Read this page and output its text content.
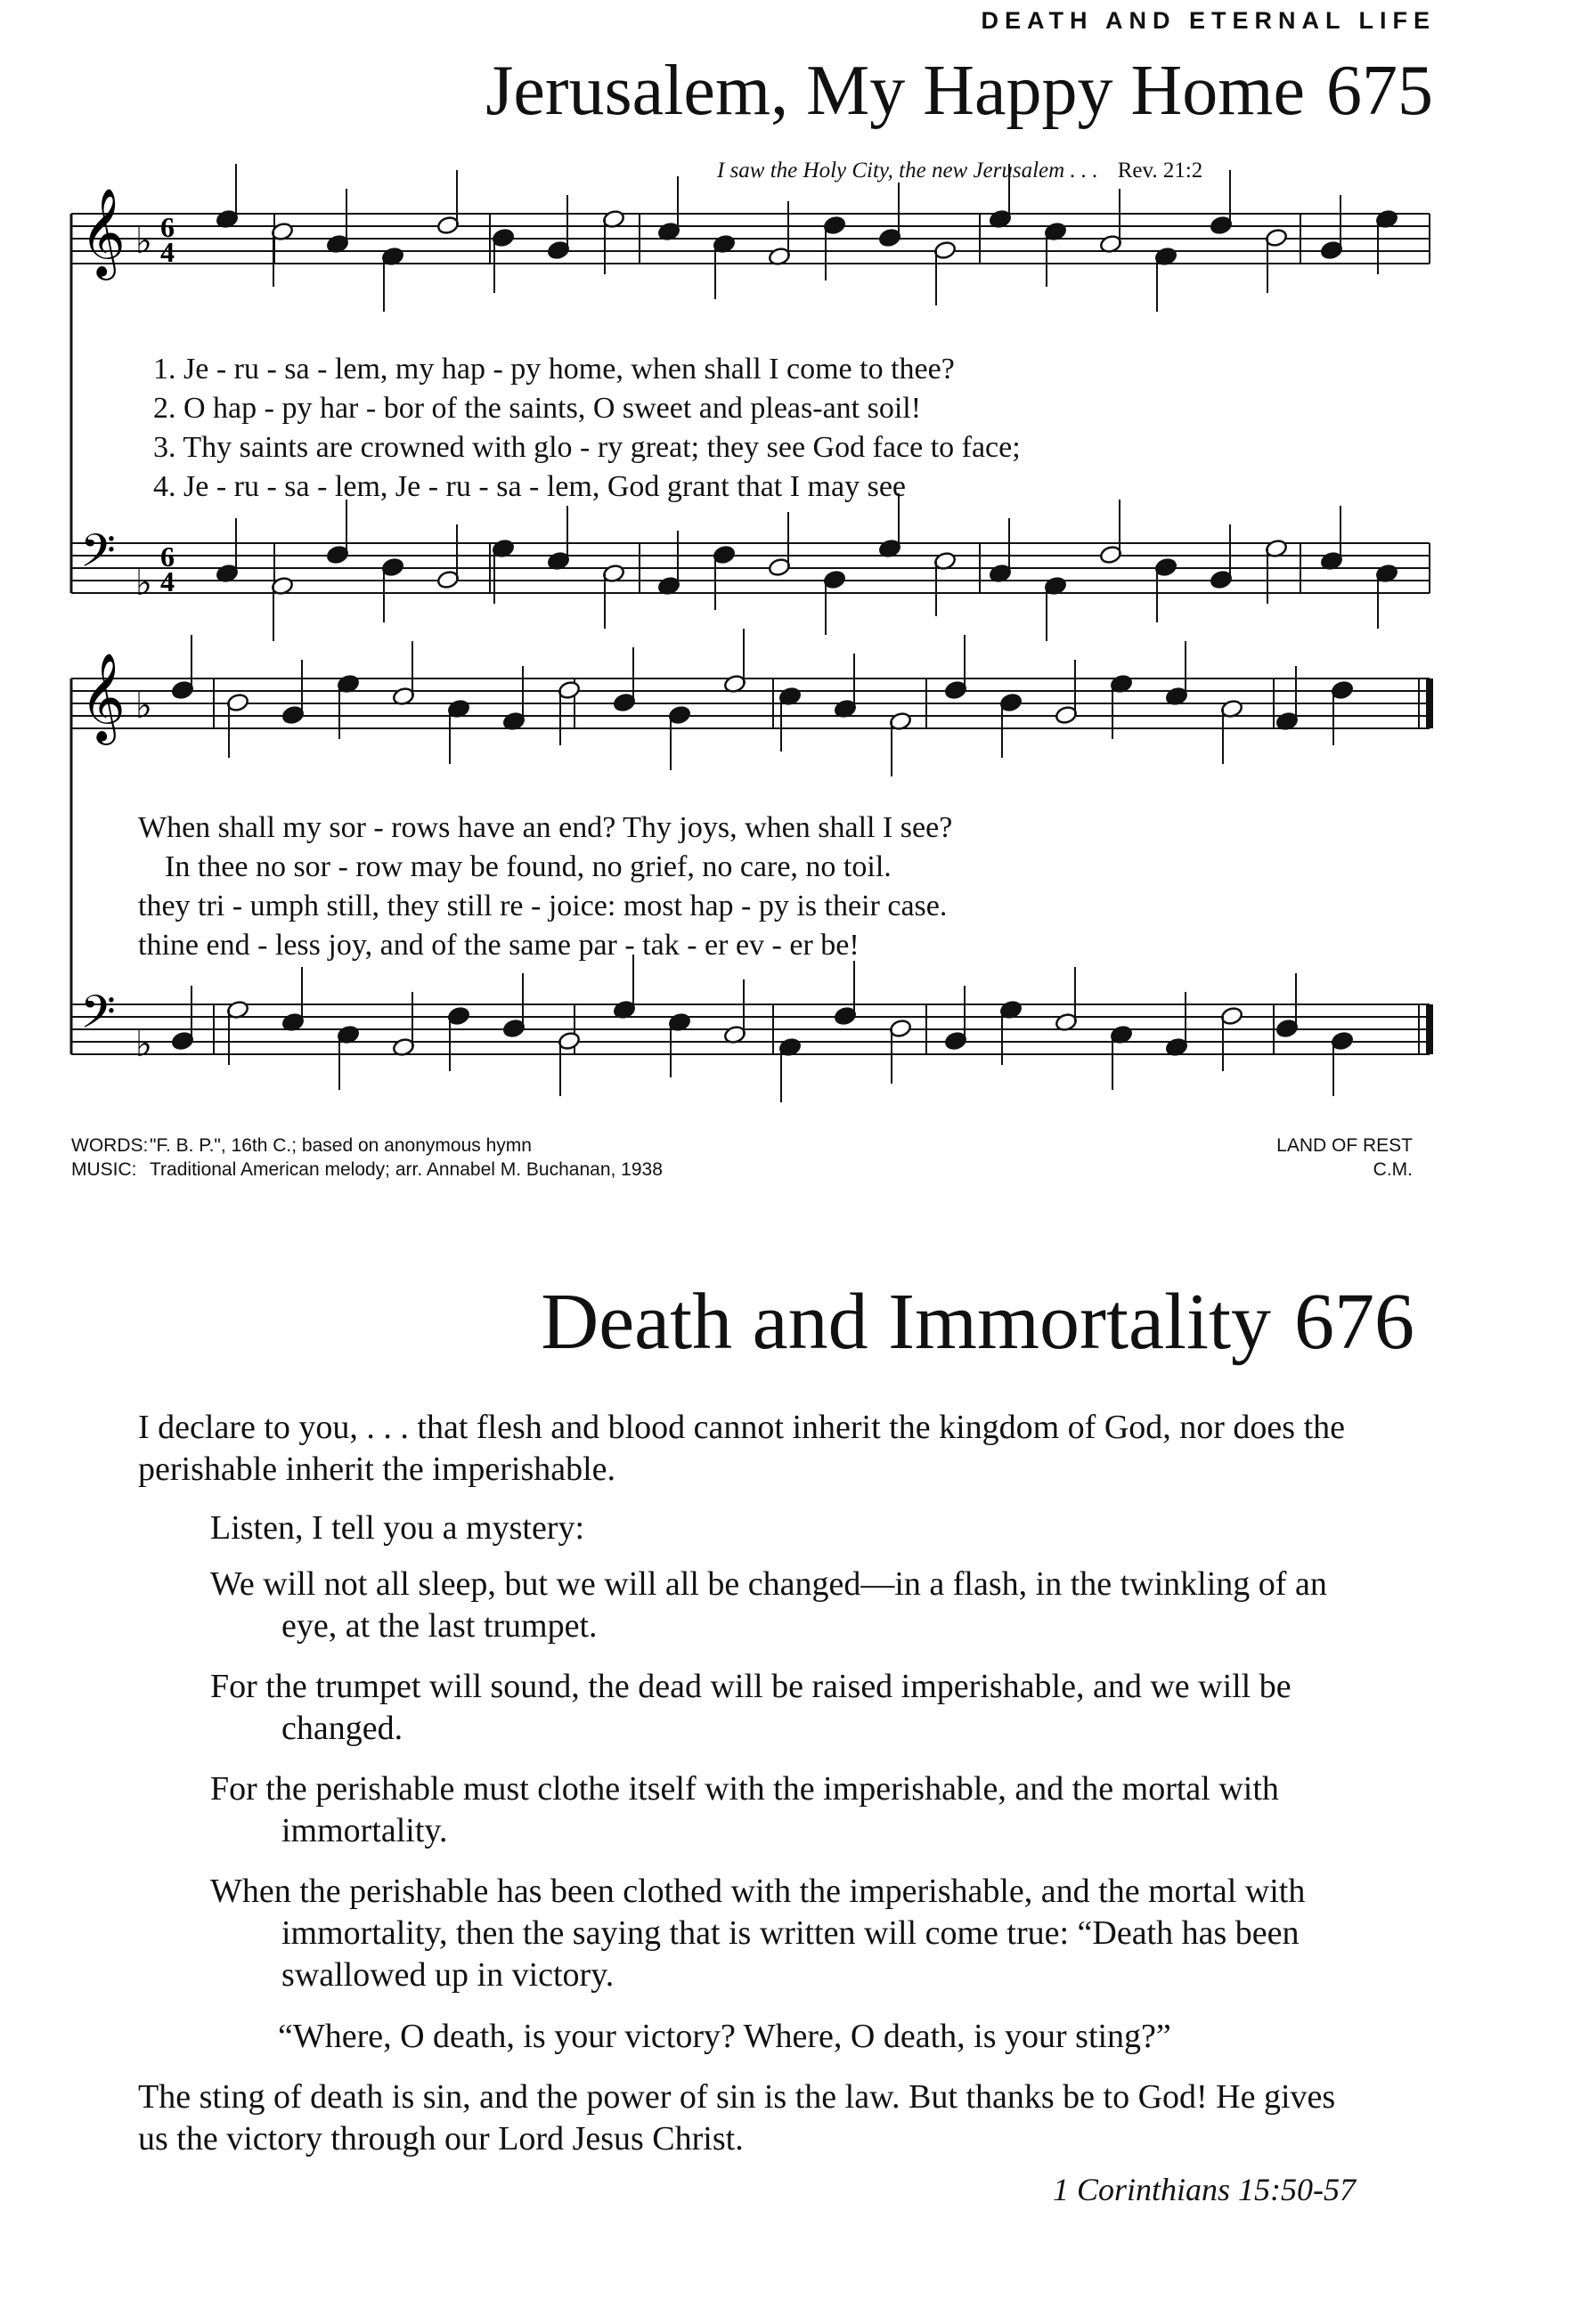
DEATH AND ETERNAL LIFE
Jerusalem, My Happy Home 675
I saw the Holy City, the new Jerusalem . . . Rev. 21:2
𝄞 ♭ 6
4
𝄢 ♭
6
4
𝄞 ♭
𝄢 ♭
1. Je - ru - sa - lem, my hap - py home, when shall I come to thee?
2. O hap - py har - bor of the saints, O sweet and pleas-ant soil!
3. Thy saints are crowned with glo - ry great; they see God face to face;
4. Je - ru - sa - lem, Je - ru - sa - lem, God grant that I may see
When shall my sor - rows have an end? Thy joys, when shall I see?
In thee no sor - row may be found, no grief, no care, no toil.
they tri - umph still, they still re - joice: most hap - py is their case.
thine end - less joy, and of the same par - tak - er ev - er be!
WORDS:"F. B. P.", 16th C.; based on anonymous hymn
MUSIC: Traditional American melody; arr. Annabel M. Buchanan, 1938
LAND OF REST
C.M.
Death and Immortality 676
I declare to you, . . . that flesh and blood cannot inherit the kingdom of God, nor does the perishable inherit the imperishable.
Listen, I tell you a mystery:
We will not all sleep, but we will all be changed—in a flash, in the twinkling of an eye, at the last trumpet.
For the trumpet will sound, the dead will be raised imperishable, and we will be changed.
For the perishable must clothe itself with the imperishable, and the mortal with immortality.
When the perishable has been clothed with the imperishable, and the mortal with immortality, then the saying that is written will come true: “Death has been swallowed up in victory.
“Where, O death, is your victory? Where, O death, is your sting?”
The sting of death is sin, and the power of sin is the law. But thanks be to God! He gives us the victory through our Lord Jesus Christ.
1 Corinthians 15:50-57
